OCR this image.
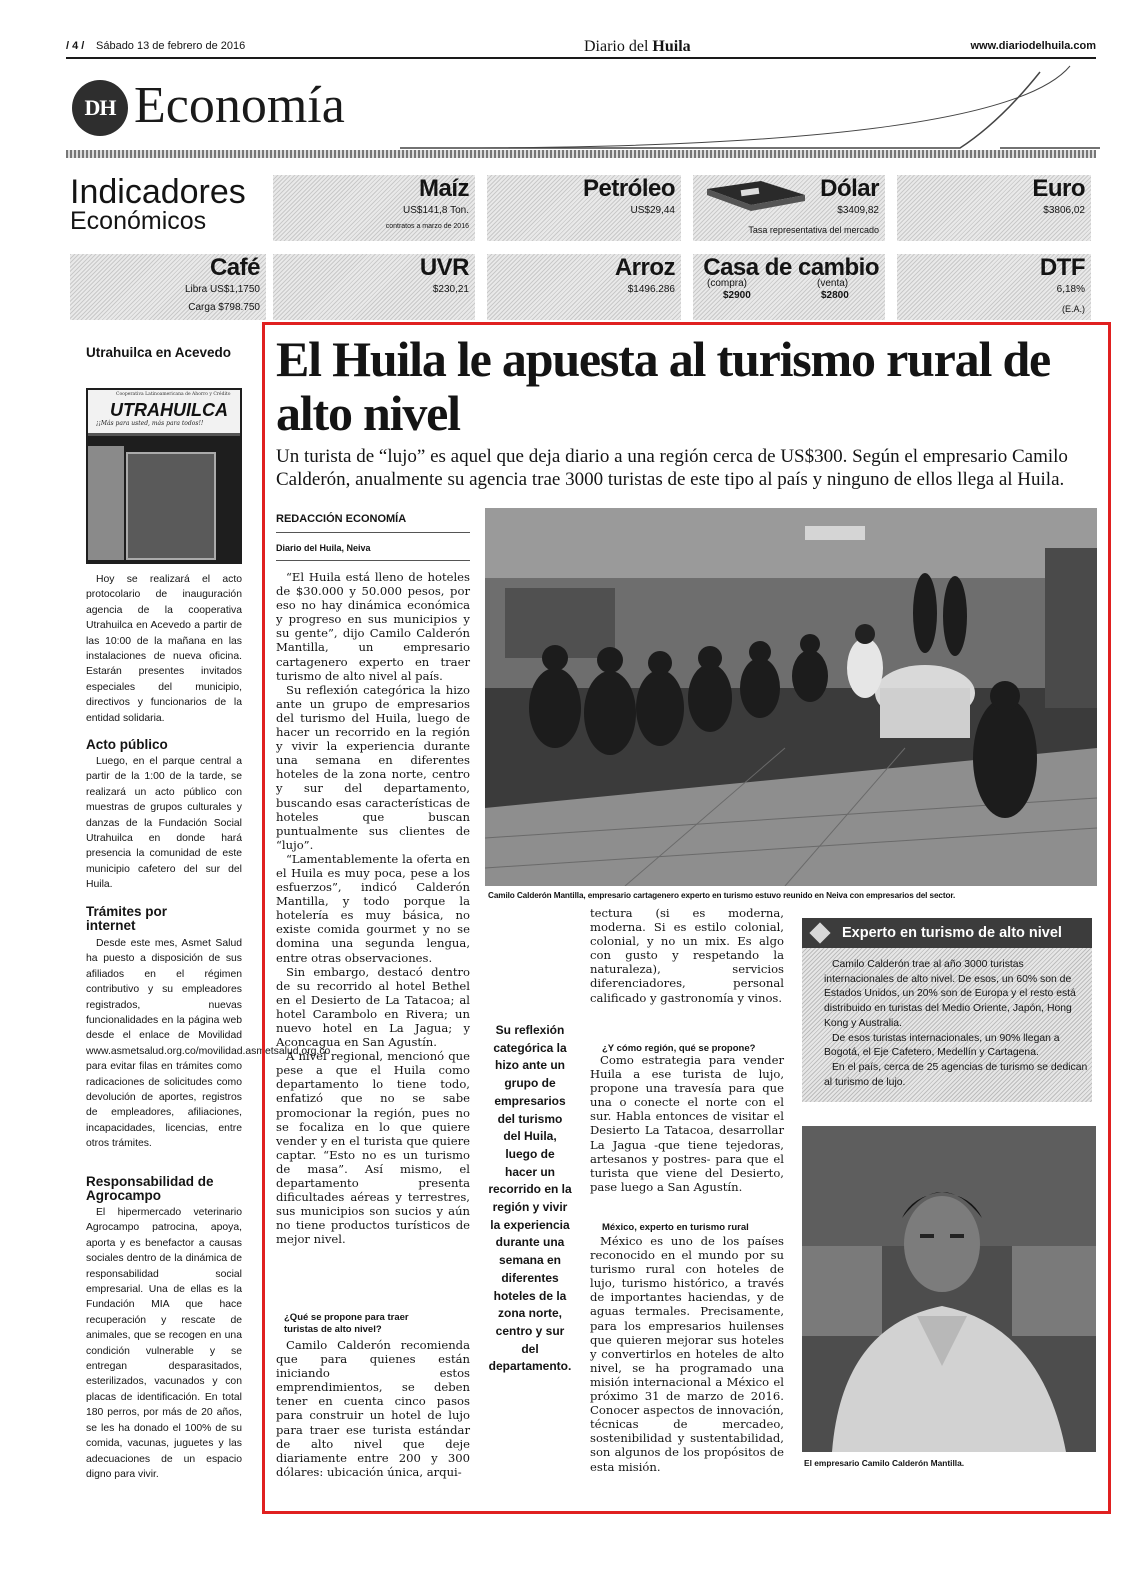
/ 4 / Sábado 13 de febrero de 2016	Diario del Huila	www.diariodelhuila.com
DH Economía
Indicadores
Económicos
Maíz
US$141,8 Ton.
contratos a marzo de 2016
Petróleo
US$29,44
Dólar
$3409,82
Tasa representativa del mercado
Euro
$3806,02
Café
Libra US$1,1750
Carga $798.750
UVR
$230,21
Arroz
$1496.286
Casa de cambio
(compra)
$2900
(venta)
$2800
DTF
6,18%
(E.A.)
Utrahuilca en Acevedo
Cooperativa Latinoamericana de Ahorro y Crédito
UTRAHUILCA
¡¡Más para usted, más para todos!!
Hoy se realizará el acto protocolario de inauguración agencia de la cooperativa Utrahuilca en Acevedo a partir de las 10:00 de la mañana en las instalaciones de nueva oficina. Estarán presentes invitados especiales del municipio, directivos y funcionarios de la entidad solidaria.
Acto público
Luego, en el parque central a partir de la 1:00 de la tarde, se realizará un acto público con muestras de grupos culturales y danzas de la Fundación Social Utrahuilca en donde hará presencia la comunidad de este municipio cafetero del sur del Huila.
Trámites por internet
Desde este mes, Asmet Salud ha puesto a disposición de sus afiliados en el régimen contributivo y su empleadores registrados, nuevas funcionalidades en la página web desde el enlace de Movilidad www.asmetsalud.org.co/movilidad.asmetsalud.org.co para evitar filas en trámites como radicaciones de solicitudes como devolución de aportes, registros de empleadores, afiliaciones, incapacidades, licencias, entre otros trámites.
Responsabilidad de Agrocampo
El hipermercado veterinario Agrocampo patrocina, apoya, aporta y es benefactor a causas sociales dentro de la dinámica de responsabilidad social empresarial. Una de ellas es la Fundación MIA que hace recuperación y rescate de animales, que se recogen en una condición vulnerable y se entregan desparasitados, esterilizados, vacunados y con placas de identificación. En total 180 perros, por más de 20 años, se les ha donado el 100% de su comida, vacunas, juguetes y las adecuaciones de un espacio digno para vivir.
El Huila le apuesta al turismo rural de alto nivel
Un turista de “lujo” es aquel que deja diario a una región cerca de US$300. Según el empresario Camilo Calderón, anualmente su agencia trae 3000 turistas de este tipo al país y ninguno de ellos llega al Huila.
REDACCIÓN ECONOMÍA
Diario del Huila, Neiva

“El Huila está lleno de hoteles de $30.000 y 50.000 pesos, por eso no hay dinámica económica y progreso en sus municipios y su gente”, dijo Camilo Calderón Mantilla, un empresario cartagenero experto en traer turismo de alto nivel al país.

Su reflexión categórica la hizo ante un grupo de empresarios del turismo del Huila, luego de hacer un recorrido en la región y vivir la experiencia durante una semana en diferentes hoteles de la zona norte, centro y sur del departamento, buscando esas características de hoteles que buscan puntualmente sus clientes de “lujo”.

“Lamentablemente la oferta en el Huila es muy poca, pese a los esfuerzos”, indicó Calderón Mantilla, y todo porque la hotelería es muy básica, no existe comida gourmet y no se domina una segunda lengua, entre otras observaciones.

Sin embargo, destacó dentro de su recorrido al hotel Bethel en el Desierto de La Tatacoa; al hotel Carambolo en Rivera; un nuevo hotel en La Jagua; y Aconcagua en San Agustín.

A nivel regional, mencionó que pese a que el Huila como departamento lo tiene todo, enfatizó que no se sabe promocionar la región, pues no se focaliza en lo que quiere vender y en el turista que quiere captar. “Esto no es un turismo de masa”. Así mismo, el departamento presenta dificultades aéreas y terrestres, sus municipios son sucios y aún no tiene productos turísticos de mejor nivel.

¿Qué se propone para traer turistas de alto nivel?

Camilo Calderón recomienda que para quienes están iniciando estos emprendimientos, se deben tener en cuenta cinco pasos para construir un hotel de lujo para traer ese turista estándar de alto nivel que deje diariamente entre 200 y 300 dólares: ubicación única, arqui-

Camilo Calderón Mantilla, empresario cartagenero experto en turismo estuvo reunido en Neiva con empresarios del sector.

tectura (si es moderna, moderna. Si es estilo colonial, colonial, y no un mix. Es algo con gusto y respetando la naturaleza), servicios diferenciadores, personal calificado y gastronomía y vinos.

¿Y cómo región, qué se propone?

Como estrategia para vender Huila a ese turista de lujo, propone una travesía para que una o conecte el norte con el sur. Habla entonces de visitar el Desierto La Tatacoa, desarrollar La Jagua -que tiene tejedoras, artesanos y postres- para que el turista que viene del Desierto, pase luego a San Agustín.

México, experto en turismo rural

México es uno de los países reconocido en el mundo por su turismo rural con hoteles de lujo, turismo histórico, a través de importantes haciendas, y de aguas termales. Precisamente, para los empresarios huilenses que quieren mejorar sus hoteles y convertirlos en hoteles de alto nivel, se ha programado una misión internacional a México el próximo 31 de marzo de 2016. Conocer aspectos de innovación, técnicas de mercadeo, sostenibilidad y sustentabilidad, son algunos de los propósitos de esta misión.

Su reflexión categórica la hizo ante un grupo de empresarios del turismo del Huila, luego de hacer un recorrido en la región y vivir la experiencia durante una semana en diferentes hoteles de la zona norte, centro y sur del departamento.
Experto en turismo de alto nivel

Camilo Calderón trae al año 3000 turistas internacionales de alto nivel. De esos, un 60% son de Estados Unidos, un 20% son de Europa y el resto está distribuido en turistas del Medio Oriente, Japón, Hong Kong y Australia.

De esos turistas internacionales, un 90% llegan a Bogotá, el Eje Cafetero, Medellín y Cartagena.

En el país, cerca de 25 agencias de turismo se dedican al turismo de lujo.

El empresario Camilo Calderón Mantilla.
